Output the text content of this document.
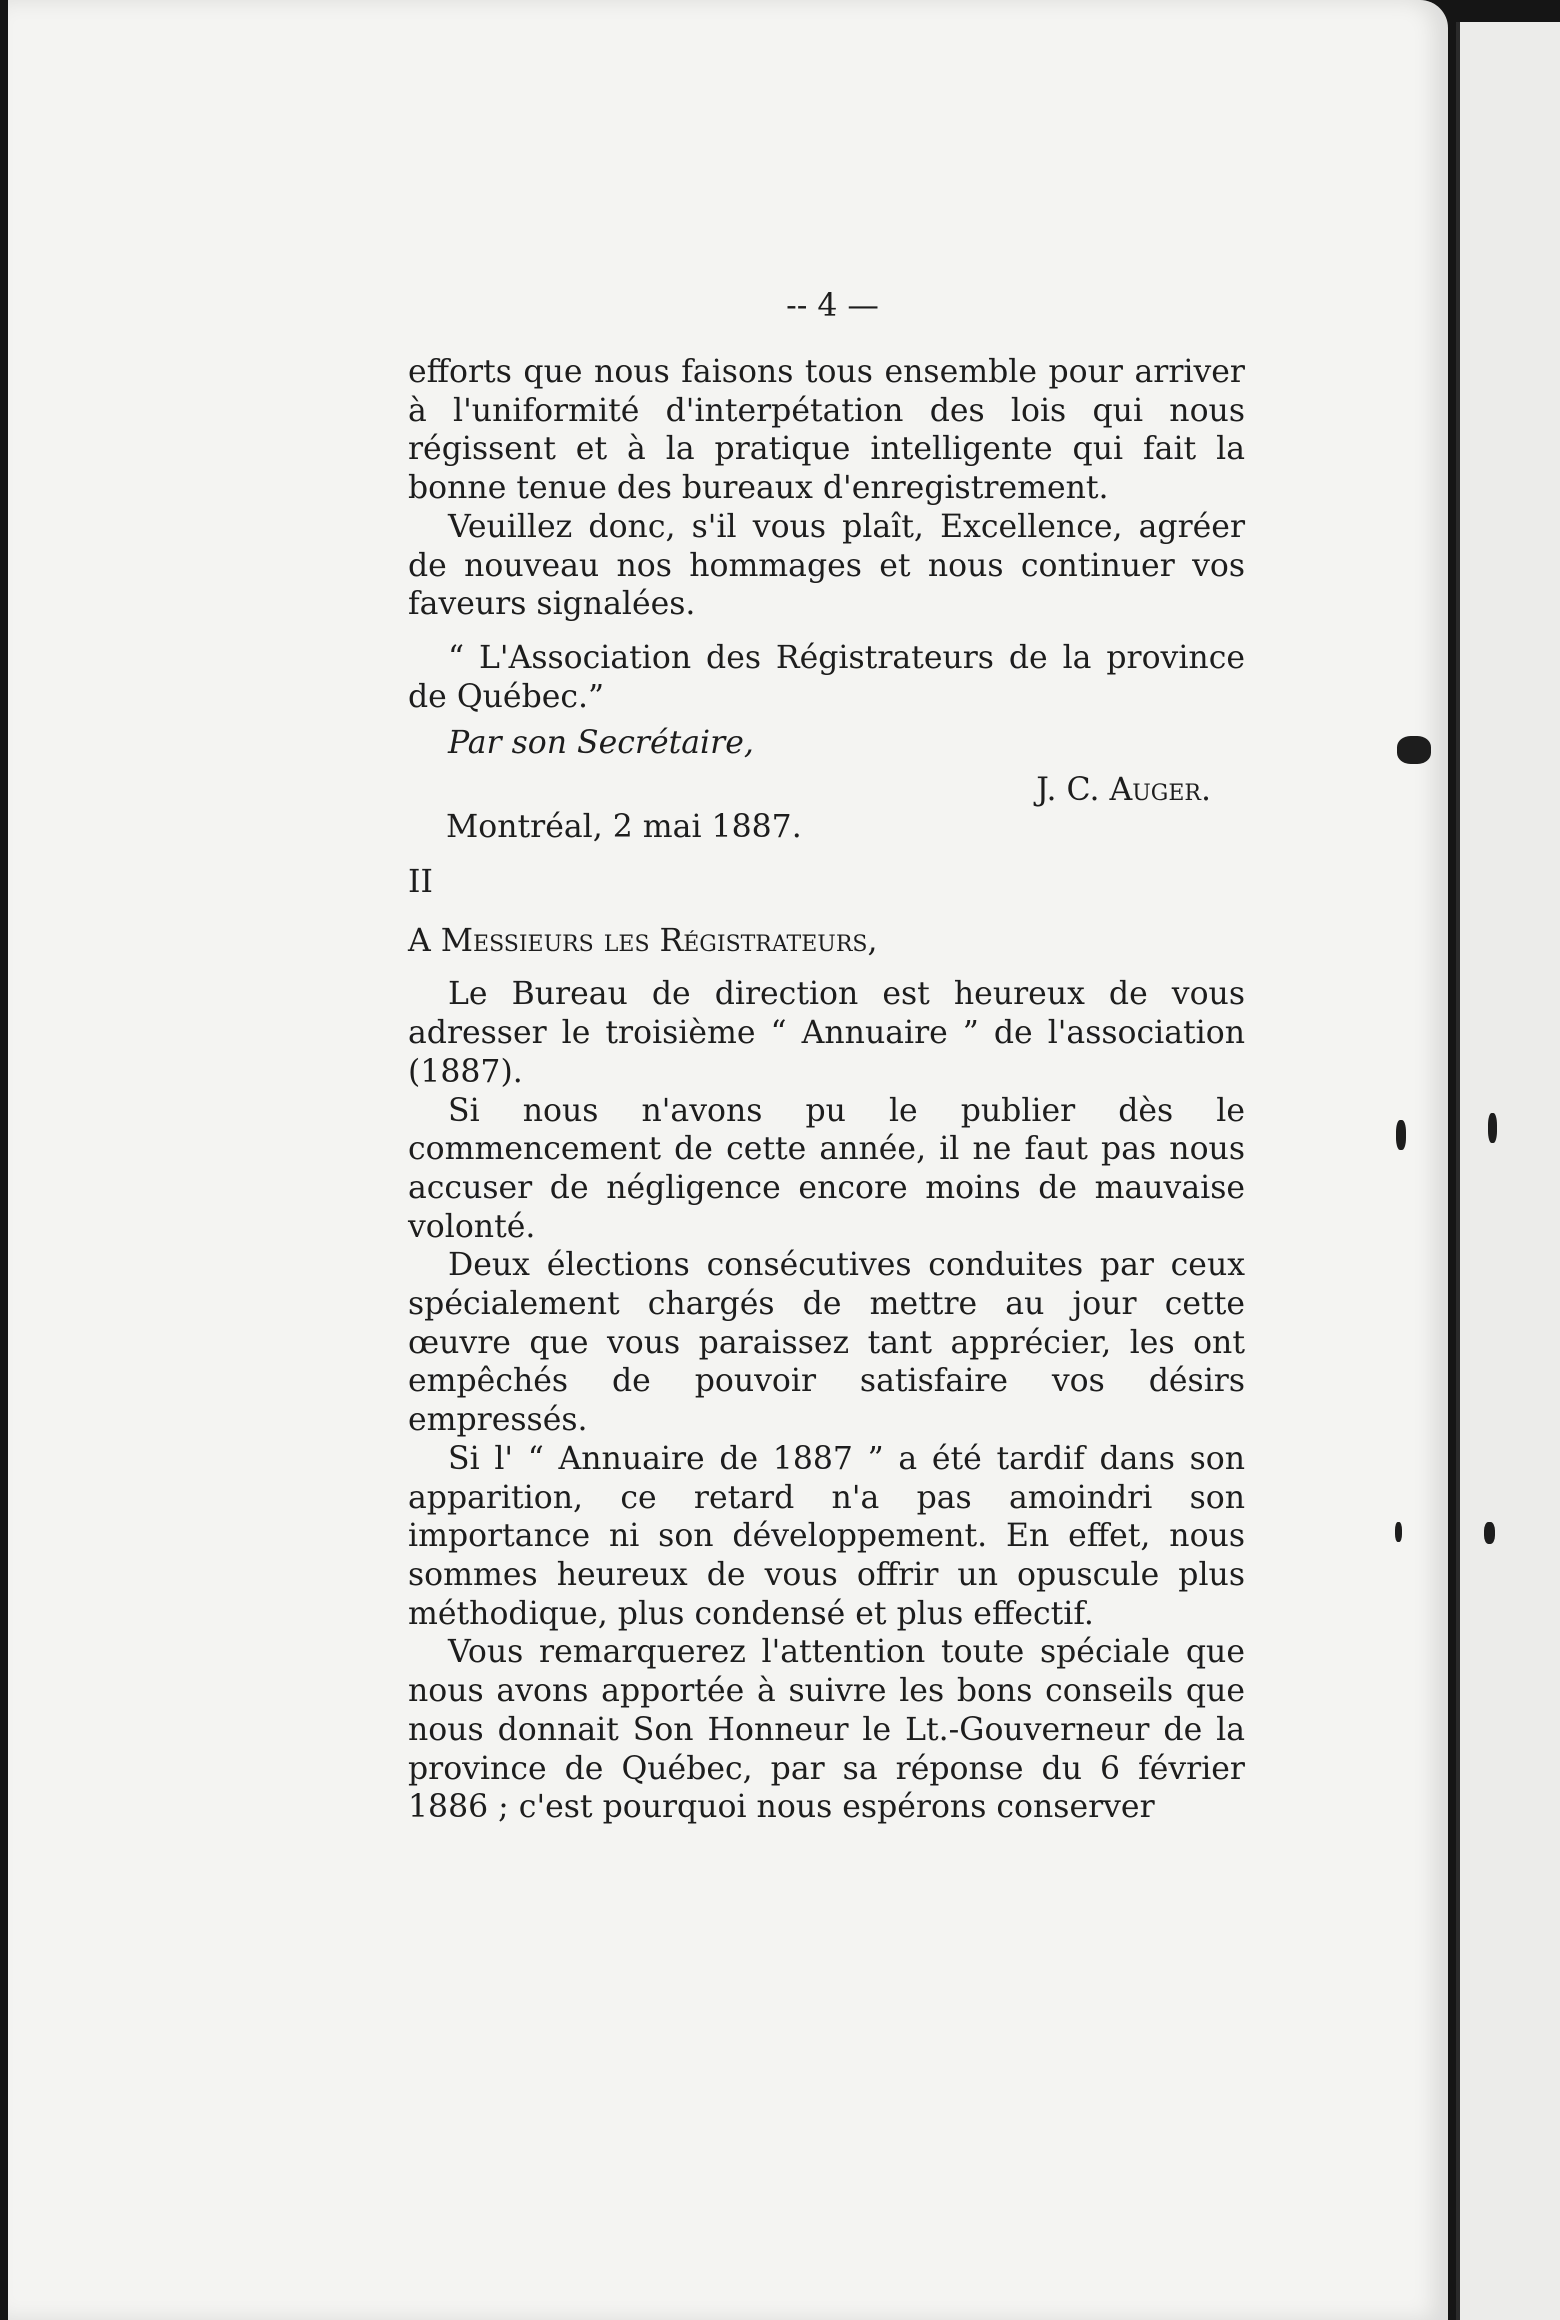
-- 4 —

efforts que nous faisons tous ensemble pour arriver à l'uniformité d'interpétation des lois qui nous régissent et à la pratique intelligente qui fait la bonne tenue des bureaux d'enregistrement.

Veuillez donc, s'il vous plaît, Excellence, agréer de nouveau nos hommages et nous continuer vos faveurs signalées.

“ L'Association des Régistrateurs de la province de Québec.”

Par son Secrétaire,

J. C. Auger.
Montréal, 2 mai 1887.

II

A Messieurs les Régistrateurs,

Le Bureau de direction est heureux de vous adresser le troisième “ Annuaire ” de l'association (1887).

Si nous n'avons pu le publier dès le commencement de cette année, il ne faut pas nous accuser de négligence encore moins de mauvaise volonté.

Deux élections consécutives conduites par ceux spécialement chargés de mettre au jour cette œuvre que vous paraissez tant apprécier, les ont empêchés de pouvoir satisfaire vos désirs empressés.

Si l' “ Annuaire de 1887 ” a été tardif dans son apparition, ce retard n'a pas amoindri son importance ni son développement. En effet, nous sommes heureux de vous offrir un opuscule plus méthodique, plus condensé et plus effectif.

Vous remarquerez l'attention toute spéciale que nous avons apportée à suivre les bons conseils que nous donnait Son Honneur le Lt.-Gouverneur de la province de Québec, par sa réponse du 6 février 1886 ; c'est pourquoi nous espérons conserver
